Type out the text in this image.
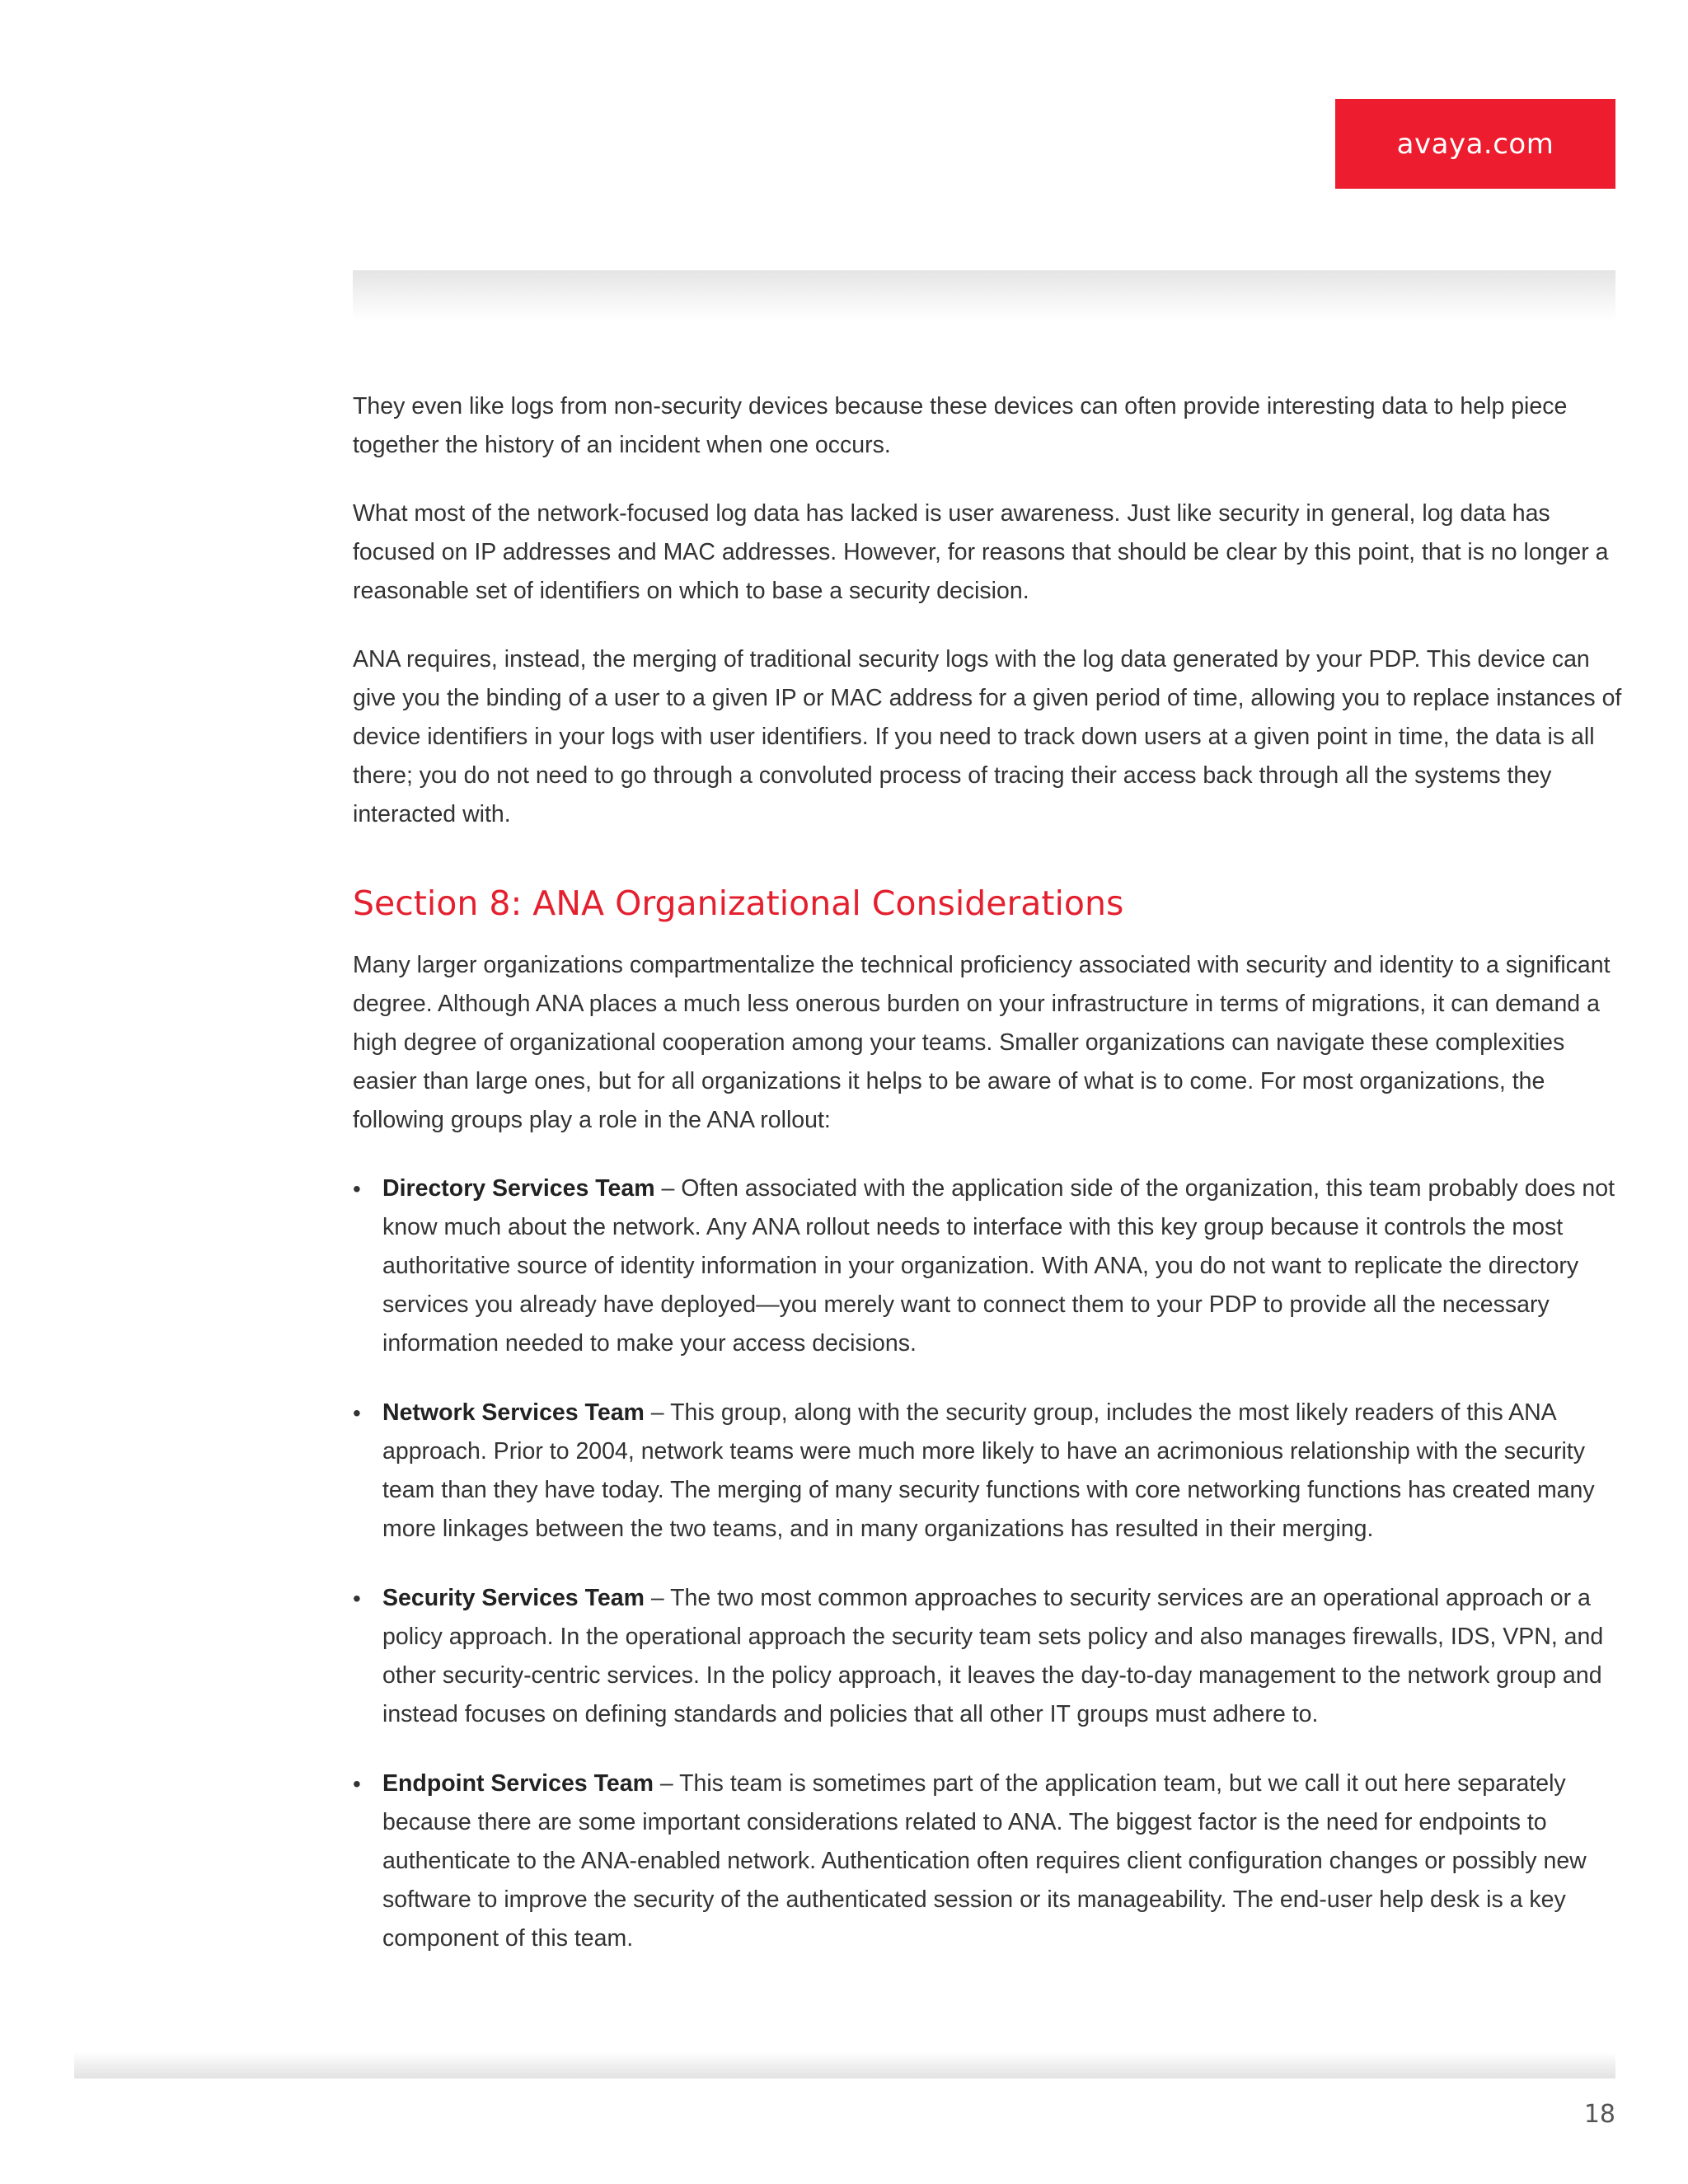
avaya.com

They even like logs from non-security devices because these devices can often provide interesting data to help piece together the history of an incident when one occurs.

What most of the network-focused log data has lacked is user awareness. Just like security in general, log data has focused on IP addresses and MAC addresses. However, for reasons that should be clear by this point, that is no longer a reasonable set of identifiers on which to base a security decision.

ANA requires, instead, the merging of traditional security logs with the log data generated by your PDP. This device can give you the binding of a user to a given IP or MAC address for a given period of time, allowing you to replace instances of device identifiers in your logs with user identifiers. If you need to track down users at a given point in time, the data is all there; you do not need to go through a convoluted process of tracing their access back through all the systems they interacted with.

Section 8: ANA Organizational Considerations

Many larger organizations compartmentalize the technical proficiency associated with security and identity to a significant degree. Although ANA places a much less onerous burden on your infrastructure in terms of migrations, it can demand a high degree of organizational cooperation among your teams. Smaller organizations can navigate these complexities easier than large ones, but for all organizations it helps to be aware of what is to come. For most organizations, the following groups play a role in the ANA rollout:

• Directory Services Team – Often associated with the application side of the organization, this team probably does not know much about the network. Any ANA rollout needs to interface with this key group because it controls the most authoritative source of identity information in your organization. With ANA, you do not want to replicate the directory services you already have deployed—you merely want to connect them to your PDP to provide all the necessary information needed to make your access decisions.
• Network Services Team – This group, along with the security group, includes the most likely readers of this ANA approach. Prior to 2004, network teams were much more likely to have an acrimonious relationship with the security team than they have today. The merging of many security functions with core networking functions has created many more linkages between the two teams, and in many organizations has resulted in their merging.
• Security Services Team – The two most common approaches to security services are an operational approach or a policy approach. In the operational approach the security team sets policy and also manages firewalls, IDS, VPN, and other security-centric services. In the policy approach, it leaves the day-to-day management to the network group and instead focuses on defining standards and policies that all other IT groups must adhere to.
• Endpoint Services Team – This team is sometimes part of the application team, but we call it out here separately because there are some important considerations related to ANA. The biggest factor is the need for endpoints to authenticate to the ANA-enabled network. Authentication often requires client configuration changes or possibly new software to improve the security of the authenticated session or its manageability. The end-user help desk is a key component of this team.
18
